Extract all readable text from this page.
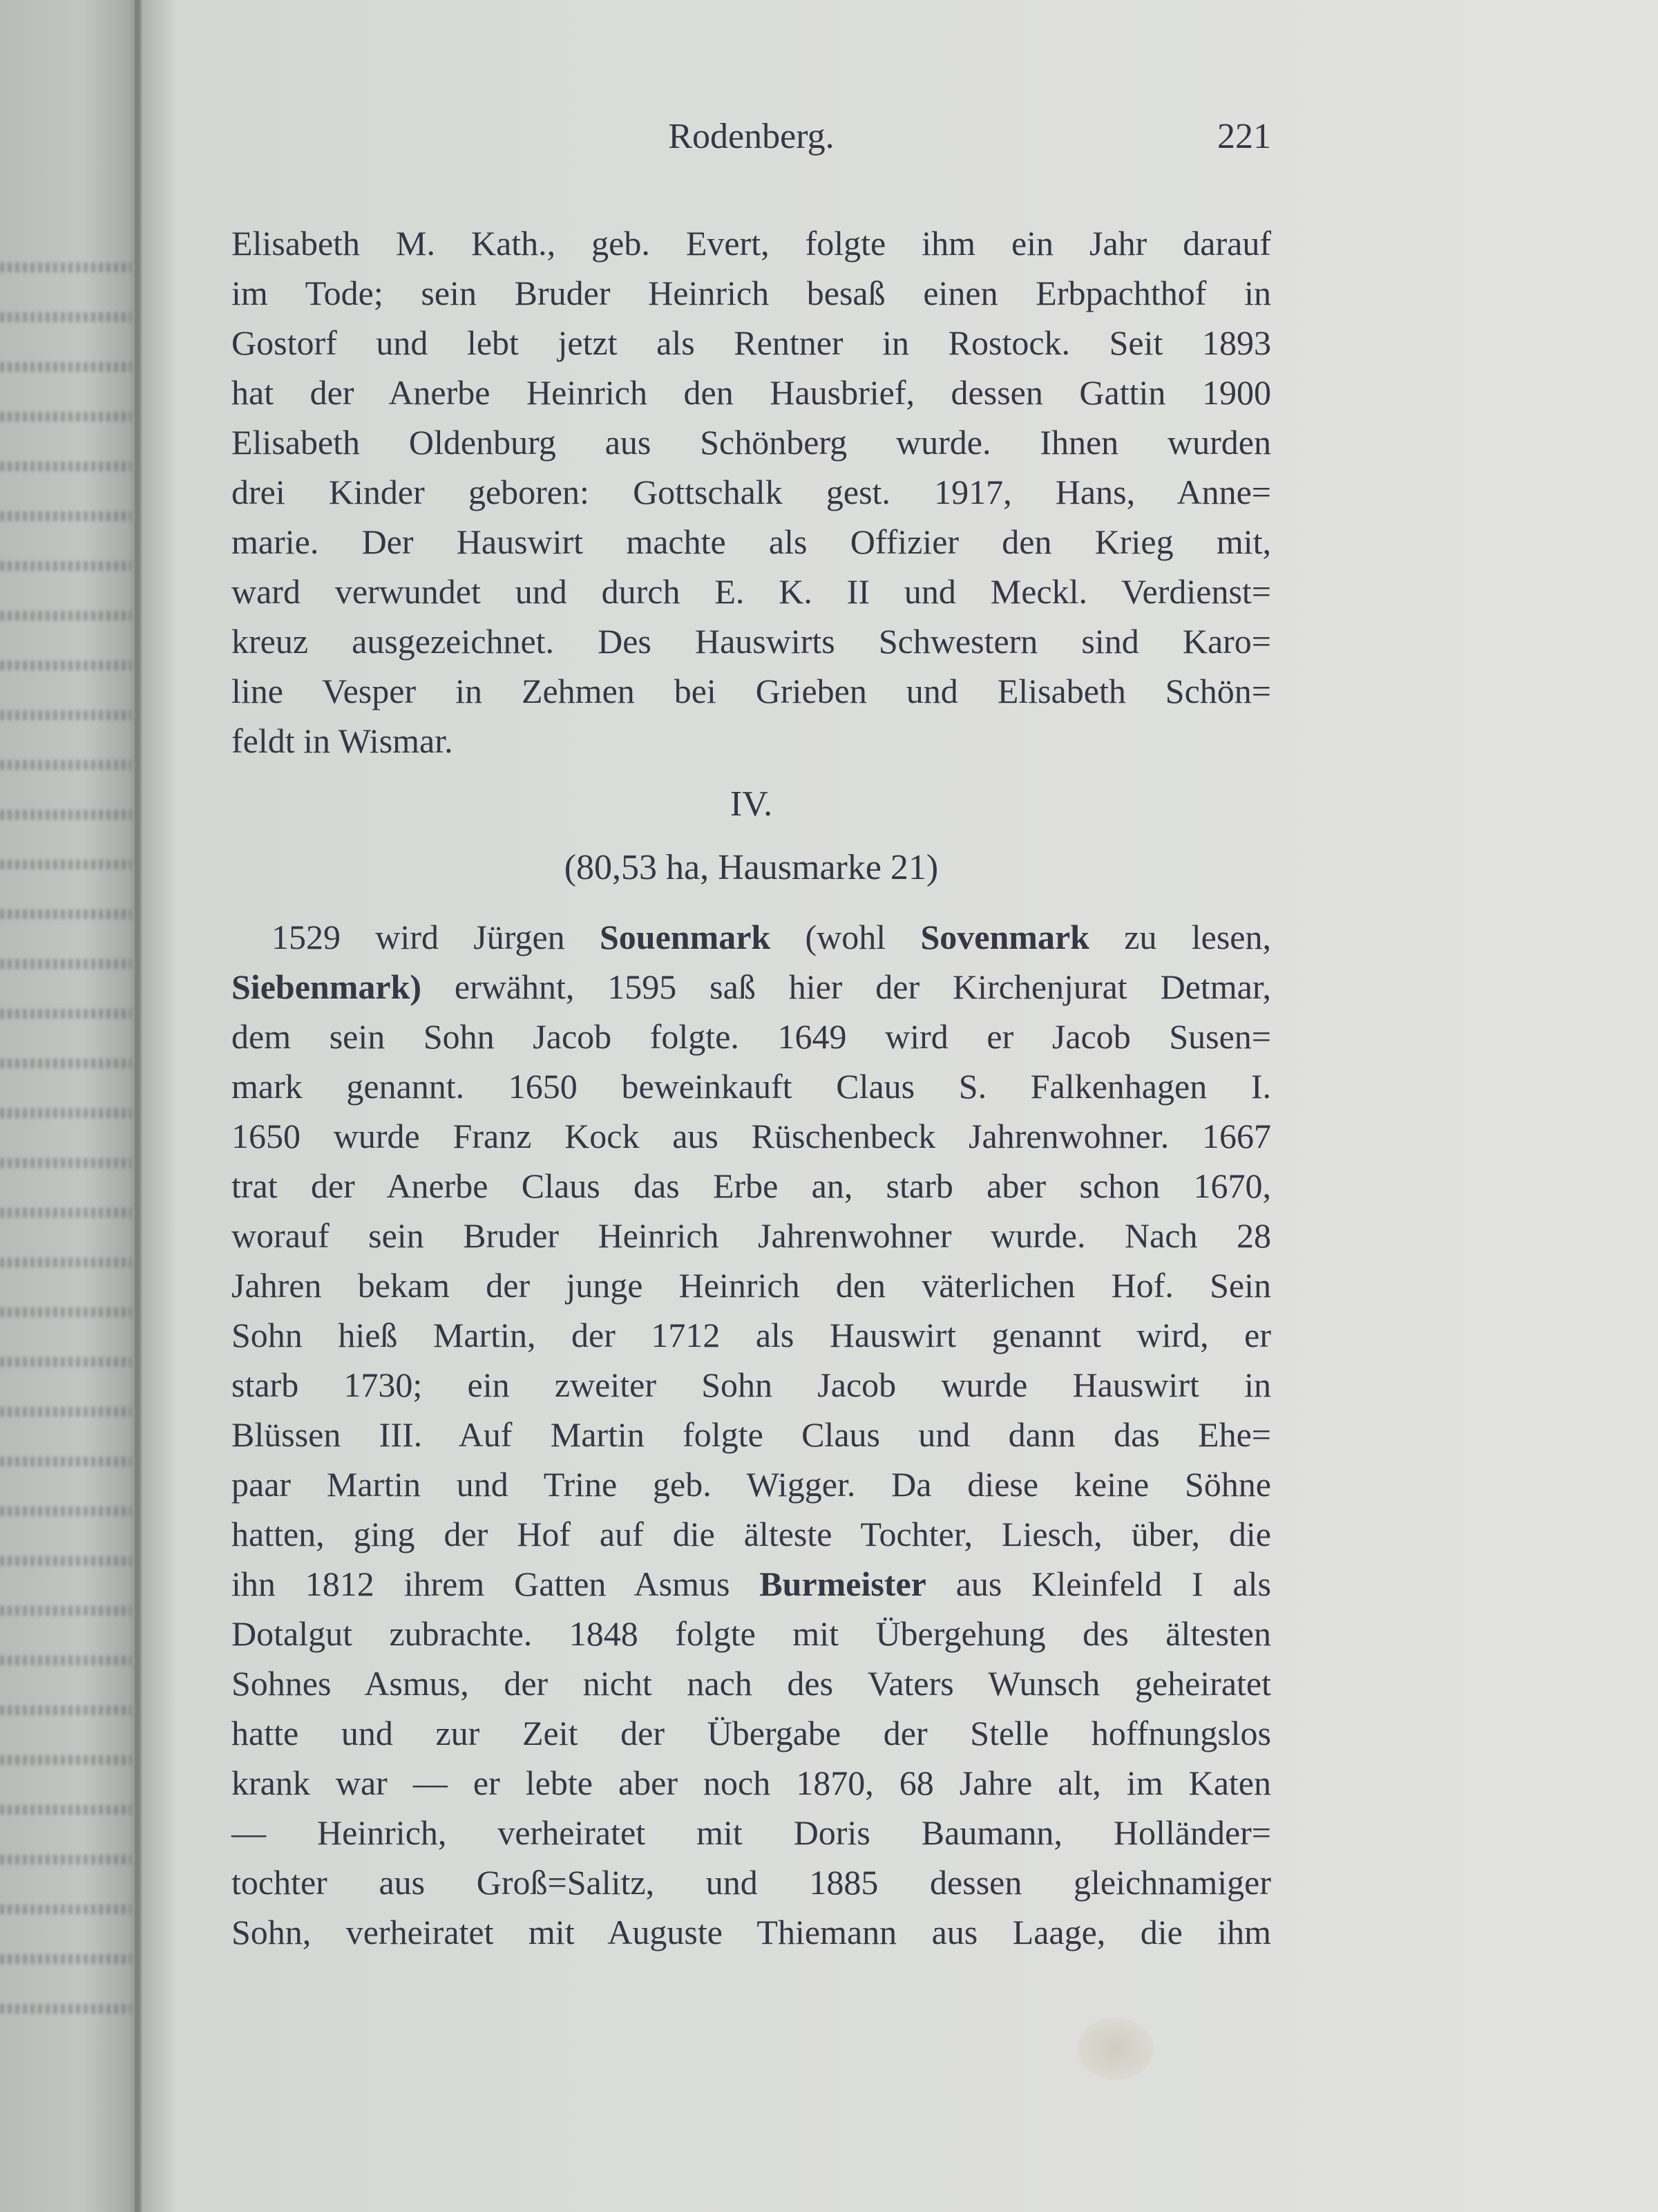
Rodenberg.	221
Elisabeth M. Kath., geb. Evert, folgte ihm ein Jahr darauf
im Tode; sein Bruder Heinrich besaß einen Erbpachthof in
Gostorf und lebt jetzt als Rentner in Rostock. Seit 1893
hat der Anerbe Heinrich den Hausbrief, dessen Gattin 1900
Elisabeth Oldenburg aus Schönberg wurde. Ihnen wurden
drei Kinder geboren: Gottschalk gest. 1917, Hans, Anne=
marie. Der Hauswirt machte als Offizier den Krieg mit,
ward verwundet und durch E. K. II und Meckl. Verdienst=
kreuz ausgezeichnet. Des Hauswirts Schwestern sind Karo=
line Vesper in Zehmen bei Grieben und Elisabeth Schön=
feldt in Wismar.
IV.
(80,53 ha, Hausmarke 21)
1529 wird Jürgen Souenmark (wohl Sovenmark zu lesen,
Siebenmark) erwähnt, 1595 saß hier der Kirchenjurat Detmar,
dem sein Sohn Jacob folgte. 1649 wird er Jacob Susen=
mark genannt. 1650 beweinkauft Claus S. Falkenhagen I.
1650 wurde Franz Kock aus Rüschenbeck Jahrenwohner. 1667
trat der Anerbe Claus das Erbe an, starb aber schon 1670,
worauf sein Bruder Heinrich Jahrenwohner wurde. Nach 28
Jahren bekam der junge Heinrich den väterlichen Hof. Sein
Sohn hieß Martin, der 1712 als Hauswirt genannt wird, er
starb 1730; ein zweiter Sohn Jacob wurde Hauswirt in
Blüssen III. Auf Martin folgte Claus und dann das Ehe=
paar Martin und Trine geb. Wigger. Da diese keine Söhne
hatten, ging der Hof auf die älteste Tochter, Liesch, über, die
ihn 1812 ihrem Gatten Asmus Burmeister aus Kleinfeld I als
Dotalgut zubrachte. 1848 folgte mit Übergehung des ältesten
Sohnes Asmus, der nicht nach des Vaters Wunsch geheiratet
hatte und zur Zeit der Übergabe der Stelle hoffnungslos
krank war — er lebte aber noch 1870, 68 Jahre alt, im Katen
— Heinrich, verheiratet mit Doris Baumann, Holländer=
tochter aus Groß=Salitz, und 1885 dessen gleichnamiger
Sohn, verheiratet mit Auguste Thiemann aus Laage, die ihm
